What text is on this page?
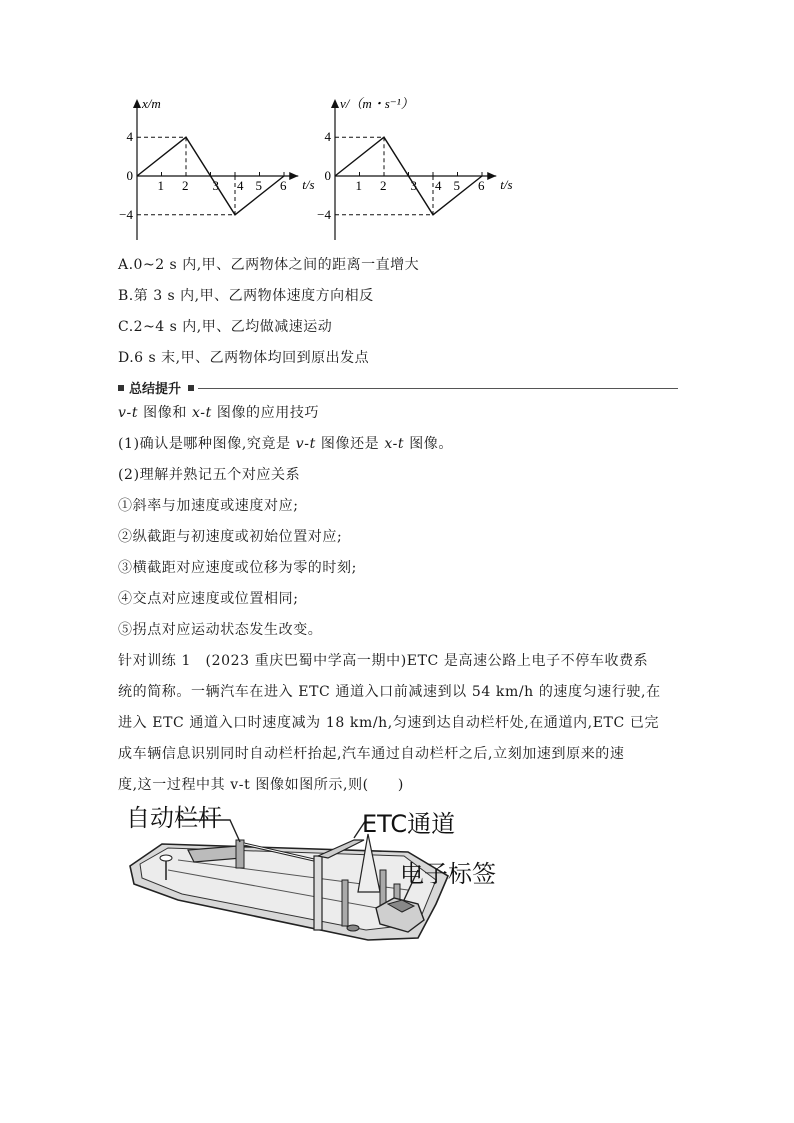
x/m
t/s
1 2 3 4 5 6
4
0
−4
v/（m・s⁻¹）
t/s
1 2 3 4 5 6
4
0
−4
A.0~2 s 内,甲、乙两物体之间的距离一直增大
B.第 3 s 内,甲、乙两物体速度方向相反
C.2~4 s 内,甲、乙均做减速运动
D.6 s 末,甲、乙两物体均回到原出发点
总结提升
v-t 图像和 x-t 图像的应用技巧
(1)确认是哪种图像,究竟是 v-t 图像还是 x-t 图像。
(2)理解并熟记五个对应关系
①斜率与加速度或速度对应;
②纵截距与初速度或初始位置对应;
③横截距对应速度或位移为零的时刻;
④交点对应速度或位置相同;
⑤拐点对应运动状态发生改变。
针对训练 1　(2023 重庆巴蜀中学高一期中)ETC 是高速公路上电子不停车收费系
统的简称。一辆汽车在进入 ETC 通道入口前减速到以 54 km/h 的速度匀速行驶,在
进入 ETC 通道入口时速度减为 18 km/h,匀速到达自动栏杆处,在通道内,ETC 已完
成车辆信息识别同时自动栏杆抬起,汽车通过自动栏杆之后,立刻加速到原来的速
度,这一过程中其 v-t 图像如图所示,则(　　)
自动栏杆	ETC通道
电子标签
